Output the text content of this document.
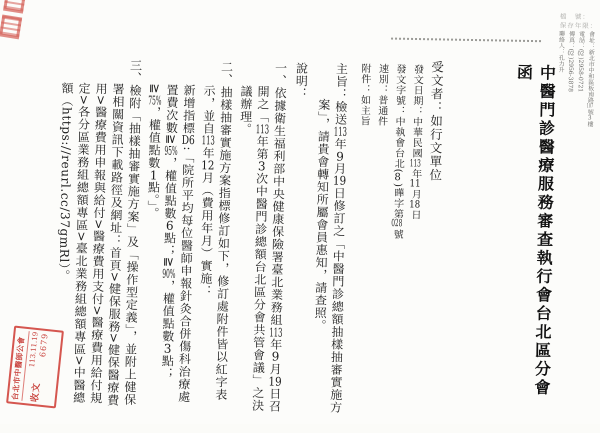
檔　號：
保存年限：

會址：新北市中和區板南路107號3樓

電話：(02)2958-0721

傳真：(02)2956-3878

聯絡人：孔力升

中醫門診醫療服務審查執行會台北區分會　函
受文者：如行文單位

發文日期：中華民國113年11月18日

發文字號：中執會台北(8)曄字第028號

速別：普通件

附件：如主旨

主旨：檢送113年9月19日修訂之「中醫門診總額抽樣抽審實施方案」，請貴會轉知所屬會員惠知，請查照。

說明：

一、依據衛生福利部中央健康保險署臺北業務組113年9月19日召開之「113年第3次中醫門診總額台北區分會共管會議」之決議辦理。

二、抽樣抽審實施方案指標修訂如下，修訂處附件皆以紅字表示，並自113年12月（費用年月）實施：

新增指標D6:「院所平均每位醫師申報針灸合併傷科治療處置費次數≧95%，權值點數6點；≧90%，權值點數3點；≧75%，權值點數1點。」。

三、檢附「抽樣抽審實施方案」及「操作型定義」，並附上健保署相關資訊下載路徑及網址：首頁>健保服務>健保醫療費用>醫療費用申報與給付>醫療費用支付>醫療費用給付規定>各分區業務組總額專區>臺北業務組總額專區>中醫總額（https://reurl.cc/37gmRl）。

台北市中醫師公會 收文
113.11.19
6679
